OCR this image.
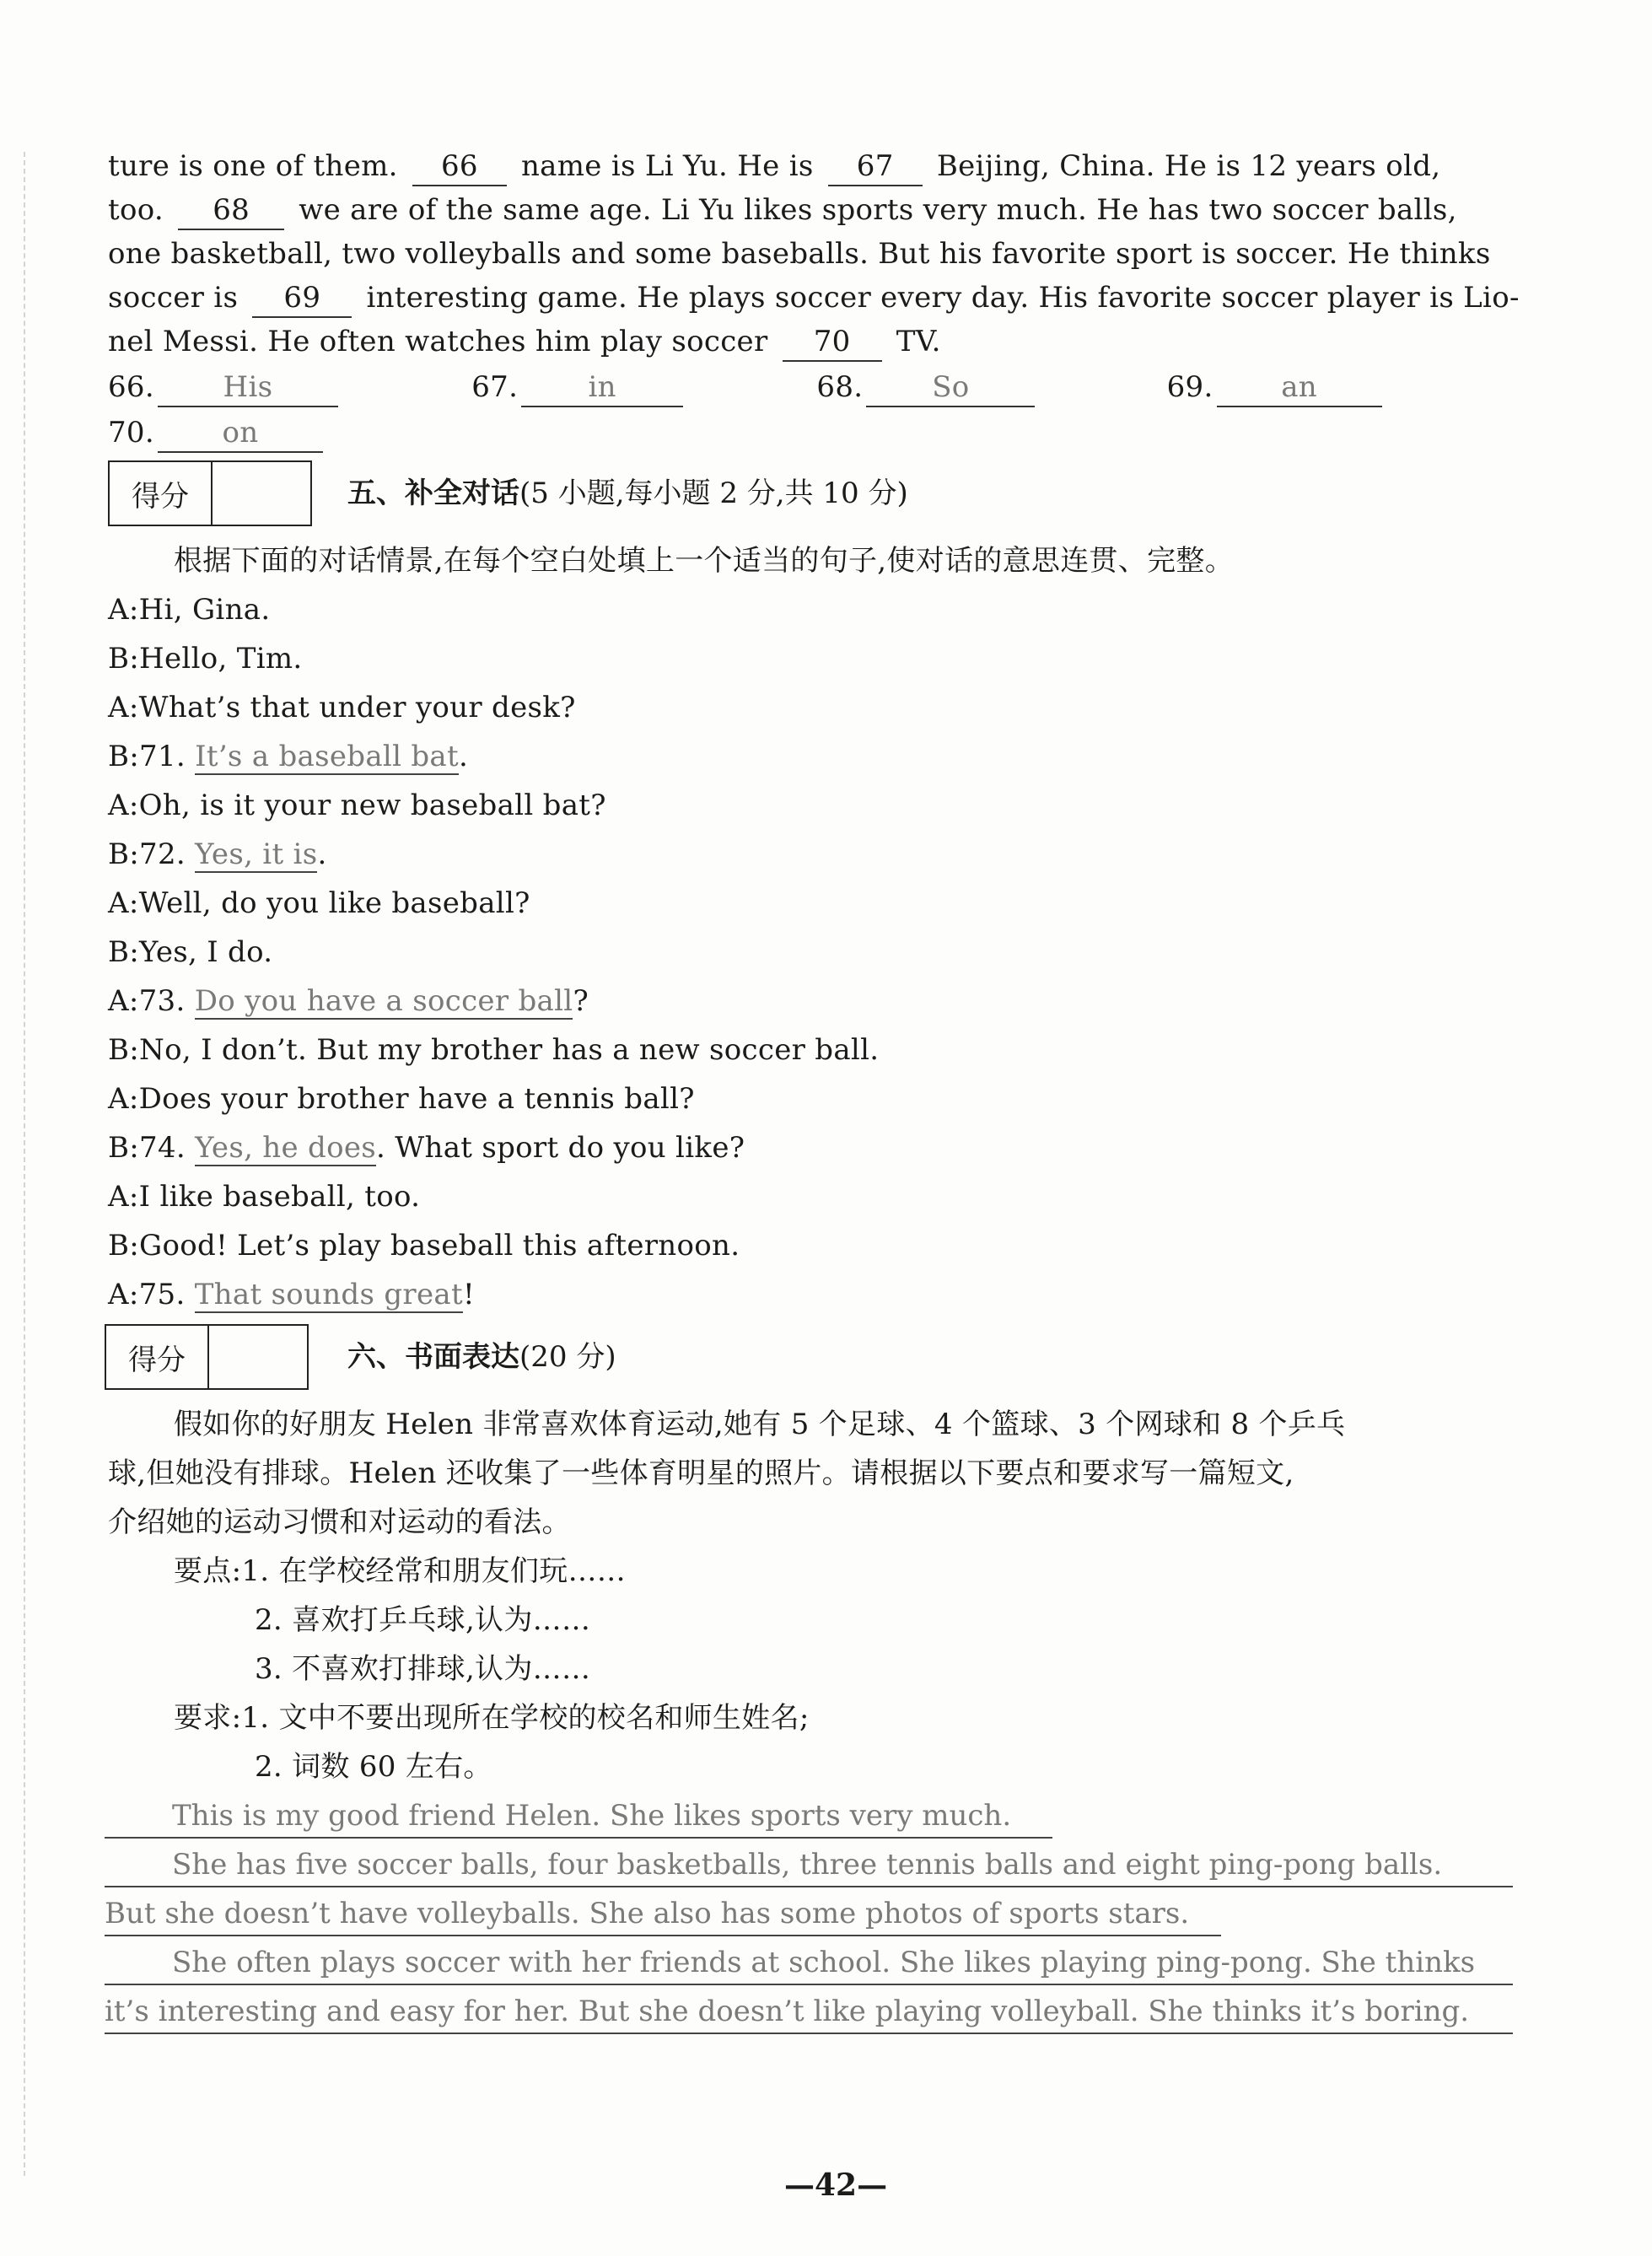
ture is one of them. 66 name is Li Yu. He is 67 Beijing, China. He is 12 years old,
too. 68 we are of the same age. Li Yu likes sports very much. He has two soccer balls,
one basketball, two volleyballs and some baseballs. But his favorite sport is soccer. He thinks
soccer is 69 interesting game. He plays soccer every day. His favorite soccer player is Lio-
nel Messi. He often watches him play soccer 70 TV.
66. His	67. in	68. So	69. an
70. on
得分	五、补全对话(5 小题,每小题 2 分,共 10 分)
根据下面的对话情景,在每个空白处填上一个适当的句子,使对话的意思连贯、完整。
A:Hi, Gina.
B:Hello, Tim.
A:What’s that under your desk?
B:71. It’s a baseball bat.
A:Oh, is it your new baseball bat?
B:72. Yes, it is.
A:Well, do you like baseball?
B:Yes, I do.
A:73. Do you have a soccer ball?
B:No, I don’t. But my brother has a new soccer ball.
A:Does your brother have a tennis ball?
B:74. Yes, he does. What sport do you like?
A:I like baseball, too.
B:Good! Let’s play baseball this afternoon.
A:75. That sounds great!
得分	六、书面表达(20 分)
假如你的好朋友 Helen 非常喜欢体育运动,她有 5 个足球、4 个篮球、3 个网球和 8 个乒乓
球,但她没有排球。Helen 还收集了一些体育明星的照片。请根据以下要点和要求写一篇短文,
介绍她的运动习惯和对运动的看法。
要点:1. 在学校经常和朋友们玩……
2. 喜欢打乒乓球,认为……
3. 不喜欢打排球,认为……
要求:1. 文中不要出现所在学校的校名和师生姓名;
2. 词数 60 左右。
This is my good friend Helen. She likes sports very much.
She has five soccer balls, four basketballs, three tennis balls and eight ping-pong balls.
But she doesn’t have volleyballs. She also has some photos of sports stars.
She often plays soccer with her friends at school. She likes playing ping-pong. She thinks
it’s interesting and easy for her. But she doesn’t like playing volleyball. She thinks it’s boring.
—42—
